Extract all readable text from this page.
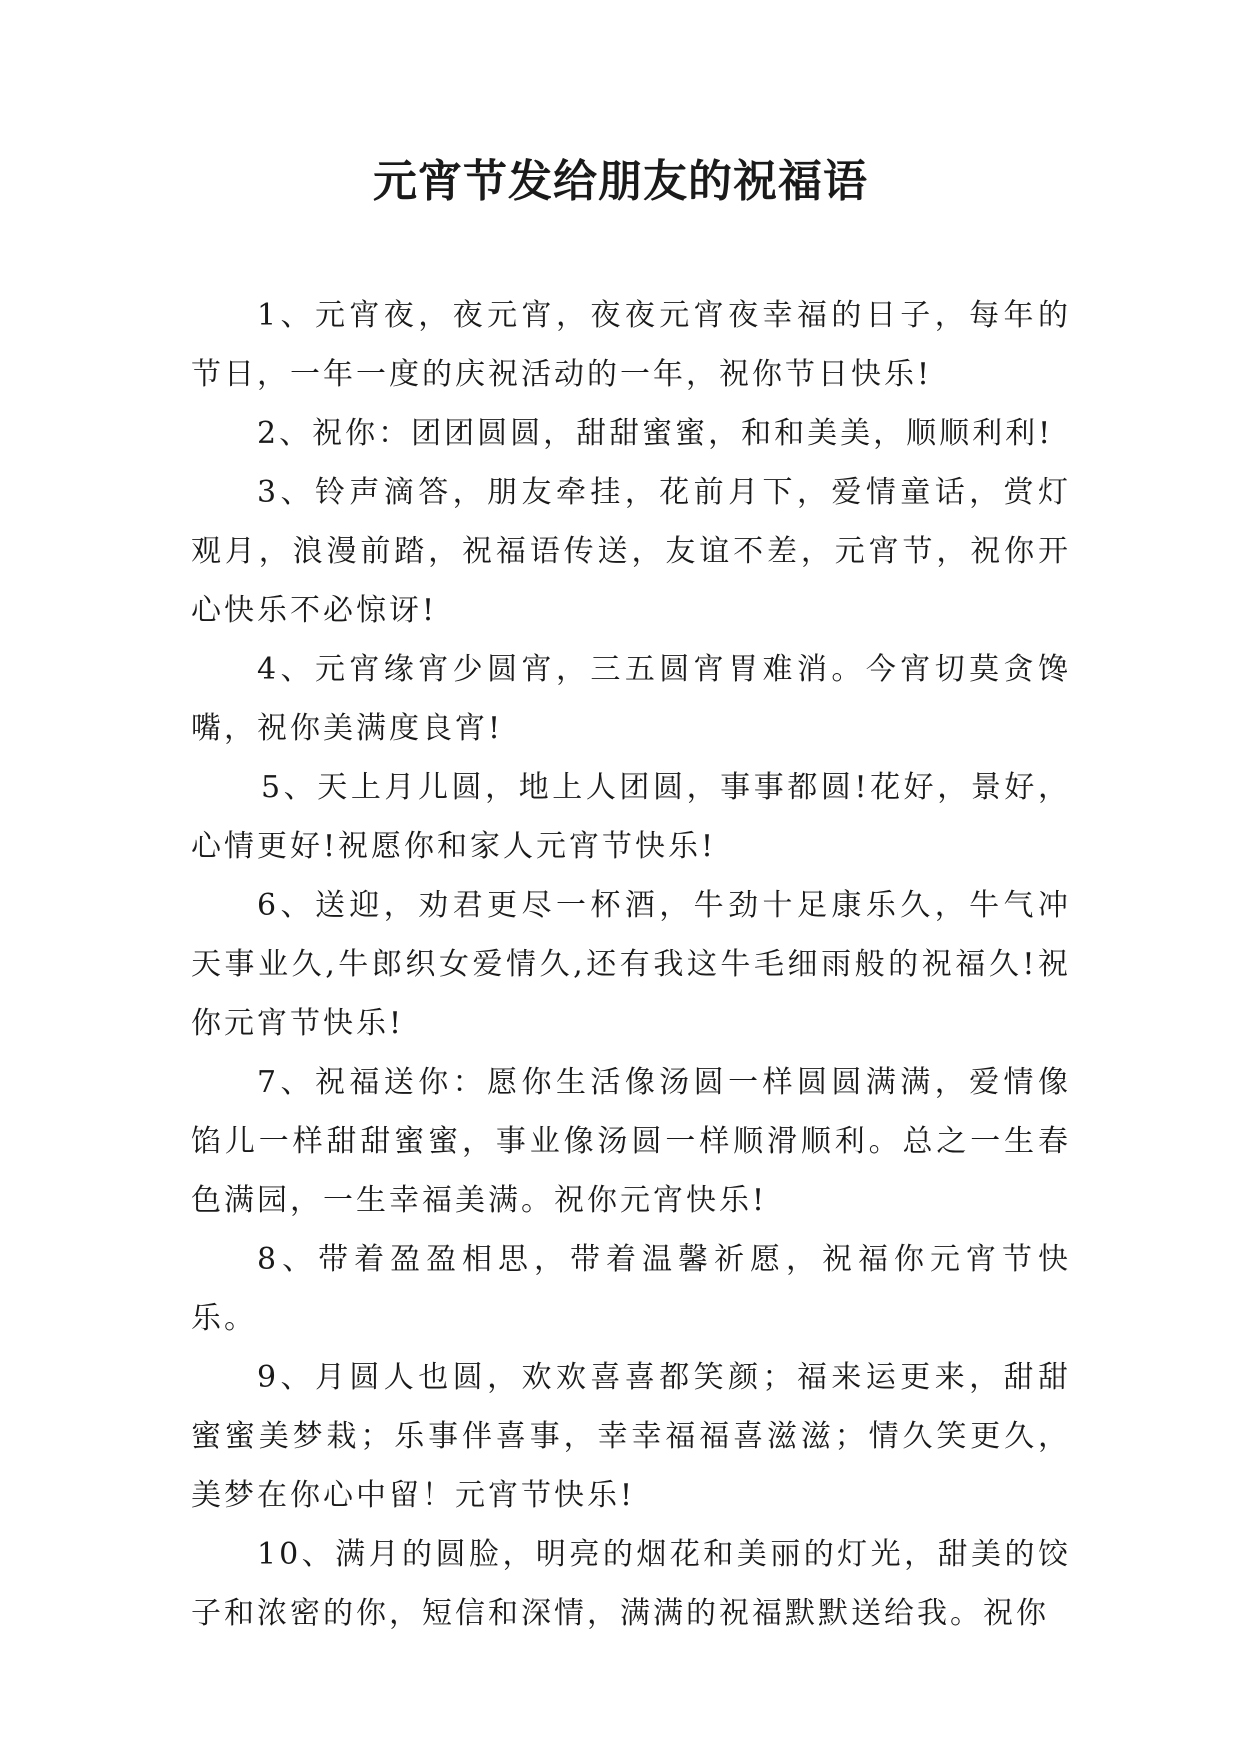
元宵节发给朋友的祝福语

1、元宵夜，夜元宵，夜夜元宵夜幸福的日子，每年的节日，一年一度的庆祝活动的一年，祝你节日快乐!

2、祝你：团团圆圆，甜甜蜜蜜，和和美美，顺顺利利!

3、铃声滴答，朋友牵挂，花前月下，爱情童话，赏灯观月，浪漫前踏，祝福语传送，友谊不差，元宵节，祝你开心快乐不必惊讶!

4、元宵缘宵少圆宵，三五圆宵胃难消。今宵切莫贪馋嘴，祝你美满度良宵!

5、天上月儿圆，地上人团圆，事事都圆!花好，景好，心情更好!祝愿你和家人元宵节快乐!

6、送迎，劝君更尽一杯酒，牛劲十足康乐久，牛气冲天事业久,牛郎织女爱情久,还有我这牛毛细雨般的祝福久!祝你元宵节快乐!

7、祝福送你：愿你生活像汤圆一样圆圆满满，爱情像馅儿一样甜甜蜜蜜，事业像汤圆一样顺滑顺利。总之一生春色满园，一生幸福美满。祝你元宵快乐!

8、带着盈盈相思，带着温馨祈愿，祝福你元宵节快乐。

9、月圆人也圆，欢欢喜喜都笑颜；福来运更来，甜甜蜜蜜美梦栽；乐事伴喜事，幸幸福福喜滋滋；情久笑更久，美梦在你心中留！元宵节快乐!

10、满月的圆脸，明亮的烟花和美丽的灯光，甜美的饺子和浓密的你，短信和深情，满满的祝福默默送给我。祝你
